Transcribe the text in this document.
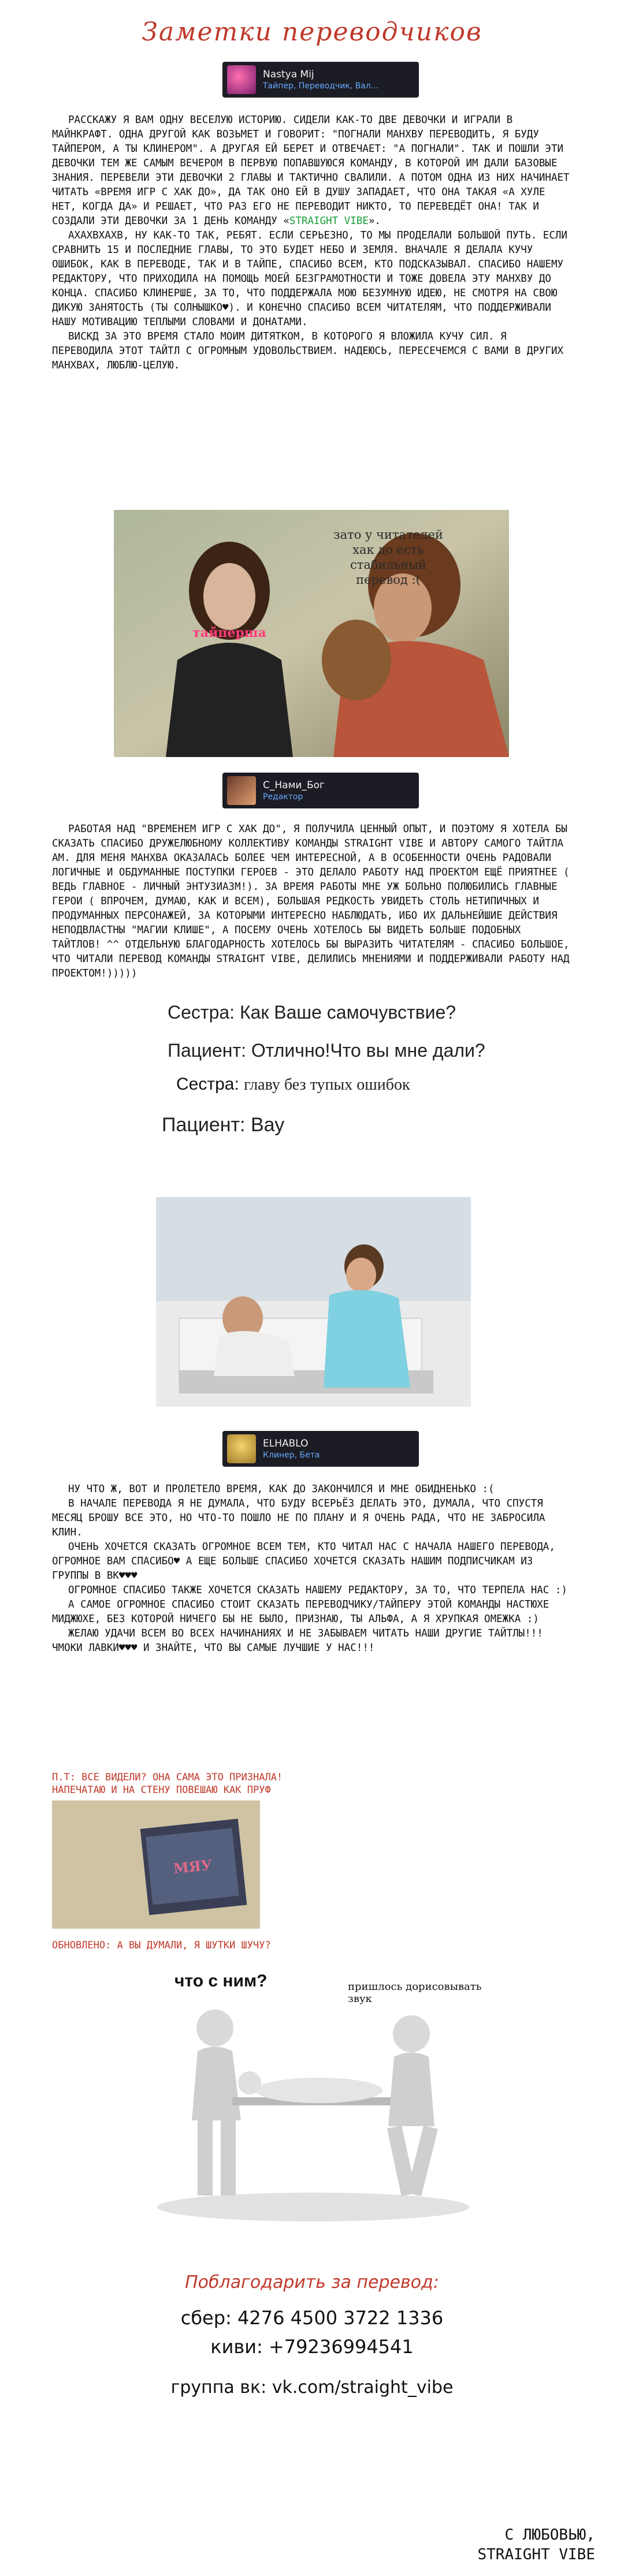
Заметки переводчиков
Nastya Mij
Тайпер, Переводчик, Вал...

РАССКАЖУ Я ВАМ ОДНУ ВЕСЕЛУЮ ИСТОРИЮ. СИДЕЛИ КАК-ТО ДВЕ ДЕВОЧКИ И ИГРАЛИ В МАЙНКРАФТ. ОДНА ДРУГОЙ КАК ВОЗЬМЕТ И ГОВОРИТ: "ПОГНАЛИ МАНХВУ ПЕРЕВОДИТЬ, Я БУДУ ТАЙПЕРОМ, А ТЫ КЛИНЕРОМ". А ДРУГАЯ ЕЙ БЕРЕТ И ОТВЕЧАЕТ: "А ПОГНАЛИ". ТАК И ПОШЛИ ЭТИ ДЕВОЧКИ ТЕМ ЖЕ САМЫМ ВЕЧЕРОМ В ПЕРВУЮ ПОПАВШУЮСЯ КОМАНДУ, В КОТОРОЙ ИМ ДАЛИ БАЗОВЫЕ ЗНАНИЯ. ПЕРЕВЕЛИ ЭТИ ДЕВОЧКИ 2 ГЛАВЫ И ТАКТИЧНО СВАЛИЛИ. А ПОТОМ ОДНА ИЗ НИХ НАЧИНАЕТ ЧИТАТЬ «ВРЕМЯ ИГР С ХАК ДО», ДА ТАК ОНО ЕЙ В ДУШУ ЗАПАДАЕТ, ЧТО ОНА ТАКАЯ «А ХУЛЕ НЕТ, КОГДА ДА» И РЕШАЕТ, ЧТО РАЗ ЕГО НЕ ПЕРЕВОДИТ НИКТО, ТО ПЕРЕВЕДЁТ ОНА! ТАК И СОЗДАЛИ ЭТИ ДЕВОЧКИ ЗА 1 ДЕНЬ КОМАНДУ «STRAIGHT VIBE».

АХАХВХАХВ, НУ КАК-ТО ТАК, РЕБЯТ. ЕСЛИ СЕРЬЕЗНО, ТО МЫ ПРОДЕЛАЛИ БОЛЬШОЙ ПУТЬ. ЕСЛИ СРАВНИТЬ 15 И ПОСЛЕДНИЕ ГЛАВЫ, ТО ЭТО БУДЕТ НЕБО И ЗЕМЛЯ. ВНАЧАЛЕ Я ДЕЛАЛА КУЧУ ОШИБОК, КАК В ПЕРЕВОДЕ, ТАК И В ТАЙПЕ, СПАСИБО ВСЕМ, КТО ПОДСКАЗЫВАЛ. СПАСИБО НАШЕМУ РЕДАКТОРУ, ЧТО ПРИХОДИЛА НА ПОМОЩЬ МОЕЙ БЕЗГРАМОТНОСТИ И ТОЖЕ ДОВЕЛА ЭТУ МАНХВУ ДО КОНЦА. СПАСИБО КЛИНЕРШЕ, ЗА ТО, ЧТО ПОДДЕРЖАЛА МОЮ БЕЗУМНУЮ ИДЕЮ, НЕ СМОТРЯ НА СВОЮ ДИКУЮ ЗАНЯТОСТЬ (ТЫ СОЛНЫШКО♥). И КОНЕЧНО СПАСИБО ВСЕМ ЧИТАТЕЛЯМ, ЧТО ПОДДЕРЖИВАЛИ НАШУ МОТИВАЦИЮ ТЕПЛЫМИ СЛОВАМИ И ДОНАТАМИ.

ВИСКД ЗА ЭТО ВРЕМЯ СТАЛО МОИМ ДИТЯТКОМ, В КОТОРОГО Я ВЛОЖИЛА КУЧУ СИЛ. Я ПЕРЕВОДИЛА ЭТОТ ТАЙТЛ С ОГРОМНЫМ УДОВОЛЬСТВИЕМ. НАДЕЮСЬ, ПЕРЕСЕЧЕМСЯ С ВАМИ В ДРУГИХ МАНХВАХ, ЛЮБЛЮ-ЦЕЛУЮ.

зато у читателей хак до есть стабильный перевод :(
тайперша
С_Нами_Бог
Редактор

РАБОТАЯ НАД "ВРЕМЕНЕМ ИГР С ХАК ДО", Я ПОЛУЧИЛА ЦЕННЫЙ ОПЫТ, И ПОЭТОМУ Я ХОТЕЛА БЫ СКАЗАТЬ СПАСИБО ДРУЖЕЛЮБНОМУ КОЛЛЕКТИВУ КОМАНДЫ STRAIGHT VIBE И АВТОРУ САМОГО ТАЙТЛА AM. ДЛЯ МЕНЯ МАНХВА ОКАЗАЛАСЬ БОЛЕЕ ЧЕМ ИНТЕРЕСНОЙ, А В ОСОБЕННОСТИ ОЧЕНЬ РАДОВАЛИ ЛОГИЧНЫЕ И ОБДУМАННЫЕ ПОСТУПКИ ГЕРОЕВ - ЭТО ДЕЛАЛО РАБОТУ НАД ПРОЕКТОМ ЕЩЁ ПРИЯТНЕЕ ( ВЕДЬ ГЛАВНОЕ - ЛИЧНЫЙ ЭНТУЗИАЗМ!). ЗА ВРЕМЯ РАБОТЫ МНЕ УЖ БОЛЬНО ПОЛЮБИЛИСЬ ГЛАВНЫЕ ГЕРОИ ( ВПРОЧЕМ, ДУМАЮ, КАК И ВСЕМ), БОЛЬШАЯ РЕДКОСТЬ УВИДЕТЬ СТОЛЬ НЕТИПИЧНЫХ И ПРОДУМАННЫХ ПЕРСОНАЖЕЙ, ЗА КОТОРЫМИ ИНТЕРЕСНО НАБЛЮДАТЬ, ИБО ИХ ДАЛЬНЕЙШИЕ ДЕЙСТВИЯ НЕПОДВЛАСТНЫ "МАГИИ КЛИШЕ", А ПОСЕМУ ОЧЕНЬ ХОТЕЛОСЬ БЫ ВИДЕТЬ БОЛЬШЕ ПОДОБНЫХ ТАЙТЛОВ! ^^ ОТДЕЛЬНУЮ БЛАГОДАРНОСТЬ ХОТЕЛОСЬ БЫ ВЫРАЗИТЬ ЧИТАТЕЛЯМ - СПАСИБО БОЛЬШОЕ, ЧТО ЧИТАЛИ ПЕРЕВОД КОМАНДЫ STRAIGHT VIBE, ДЕЛИЛИСЬ МНЕНИЯМИ И ПОДДЕРЖИВАЛИ РАБОТУ НАД ПРОЕКТОМ!)))))

Сестра: Как Ваше самочувствие?
Пациент: Отлично!Что вы мне дали?
Сестра: главу без тупых ошибок
Пациент: Вау
ELHABLO
Клинер, Бета

НУ ЧТО Ж, ВОТ И ПРОЛЕТЕЛО ВРЕМЯ, КАК ДО ЗАКОНЧИЛСЯ И МНЕ ОБИДНЕНЬКО :(

В НАЧАЛЕ ПЕРЕВОДА Я НЕ ДУМАЛА, ЧТО БУДУ ВСЕРЬЁЗ ДЕЛАТЬ ЭТО, ДУМАЛА, ЧТО СПУСТЯ МЕСЯЦ БРОШУ ВСЕ ЭТО, НО ЧТО-ТО ПОШЛО НЕ ПО ПЛАНУ И Я ОЧЕНЬ РАДА, ЧТО НЕ ЗАБРОСИЛА КЛИН.

ОЧЕНЬ ХОЧЕТСЯ СКАЗАТЬ ОГРОМНОЕ ВСЕМ ТЕМ, КТО ЧИТАЛ НАС С НАЧАЛА НАШЕГО ПЕРЕВОДА, ОГРОМНОЕ ВАМ СПАСИБО♥ А ЕЩЕ БОЛЬШЕ СПАСИБО ХОЧЕТСЯ СКАЗАТЬ НАШИМ ПОДПИСЧИКАМ ИЗ ГРУППЫ В ВК♥♥♥

ОГРОМНОЕ СПАСИБО ТАКЖЕ ХОЧЕТСЯ СКАЗАТЬ НАШЕМУ РЕДАКТОРУ, ЗА ТО, ЧТО ТЕРПЕЛА НАС :)

А САМОЕ ОГРОМНОЕ СПАСИБО СТОИТ СКАЗАТЬ ПЕРЕВОДЧИКУ/ТАЙПЕРУ ЭТОЙ КОМАНДЫ НАСТЮХЕ МИДЖЮХЕ, БЕЗ КОТОРОЙ НИЧЕГО БЫ НЕ БЫЛО, ПРИЗНАЮ, ТЫ АЛЬФА, А Я ХРУПКАЯ ОМЕЖКА :)

ЖЕЛАЮ УДАЧИ ВСЕМ ВО ВСЕХ НАЧИНАНИЯХ И НЕ ЗАБЫВАЕМ ЧИТАТЬ НАШИ ДРУГИЕ ТАЙТЛЫ!!! ЧМОКИ ЛАВКИ♥♥♥ И ЗНАЙТЕ, ЧТО ВЫ САМЫЕ ЛУЧШИЕ У НАС!!!

П.Т: ВСЕ ВИДЕЛИ? ОНА САМА ЭТО ПРИЗНАЛА!
НАПЕЧАТАЮ И НА СТЕНУ ПОВЕШАЮ КАК ПРУФ
МЯУ
ОБНОВЛЕНО: А ВЫ ДУМАЛИ, Я ШУТКИ ШУЧУ?
что с ним?	пришлось дорисовывать звук
Поблагодарить за перевод:
сбер: 4276 4500 3722 1336
киви: +79236994541
группа вк: vk.com/straight_vibe
С ЛЮБОВЬЮ,
STRAIGHT VIBE
